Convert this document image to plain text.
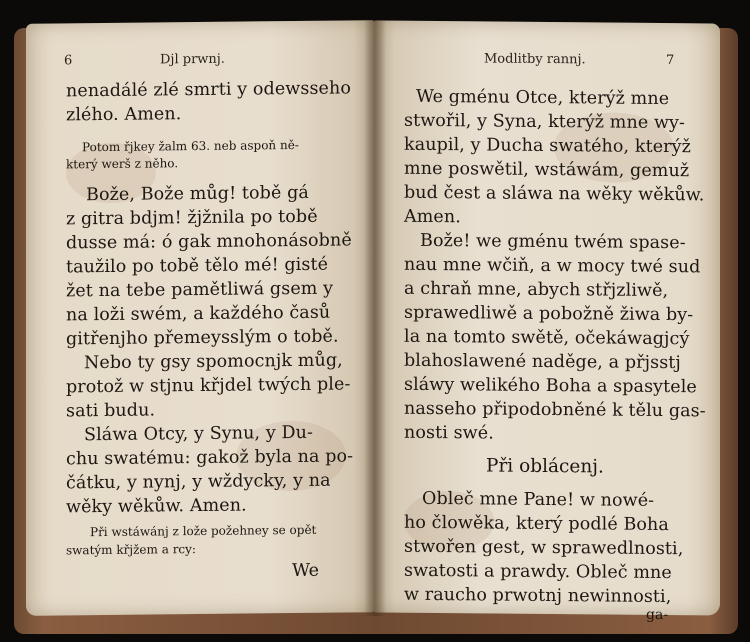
6	Djl prwnj.
nenadálé zlé smrti y odewsseho
zlého. Amen.
Potom řjkey žalm 63. neb aspoň ně-
který werš z něho.
Bože, Bože můg! tobě gá
z gitra bdjm! žjžnila po tobě
dusse má: ó gak mnohonásobně
taužilo po tobě tělo mé! gisté
žet na tebe pamětliwá gsem y
na loži swém, a každého časů
gitřenjho přemeysslým o tobě.
Nebo ty gsy spomocnjk můg,
protož w stjnu křjdel twých ple-
sati budu.
Sláwa Otcy, y Synu, y Du-
chu swatému: gakož byla na po-
čátku, y nynj, y wždycky, y na
wěky wěkůw. Amen.
Při wstáwánj z lože požehney se opět
swatým křjžem a rcy:
We
Modlitby rannj.	7
We gménu Otce, kterýž mne
stwořil, y Syna, kterýž mne wy-
kaupil, y Ducha swatého, kterýž
mne poswětil, wstáwám, gemuž
bud čest a sláwa na wěky wěkůw.
Amen.
Bože! we gménu twém spase-
nau mne wčiň, a w mocy twé sud
a chraň mne, abych střjzliwě,
sprawedliwě a pobožně žiwa by-
la na tomto swětě, očekáwagjcý
blahoslawené naděge, a přjsstj
sláwy welikého Boha a spasytele
nasseho připodobněné k tělu gas-
nosti swé.
Při oblácenj.
Obleč mne Pane! w nowé-
ho člowěka, který podlé Boha
stwořen gest, w sprawedlnosti,
swatosti a prawdy. Obleč mne
w raucho prwotnj newinnosti,
ga-
